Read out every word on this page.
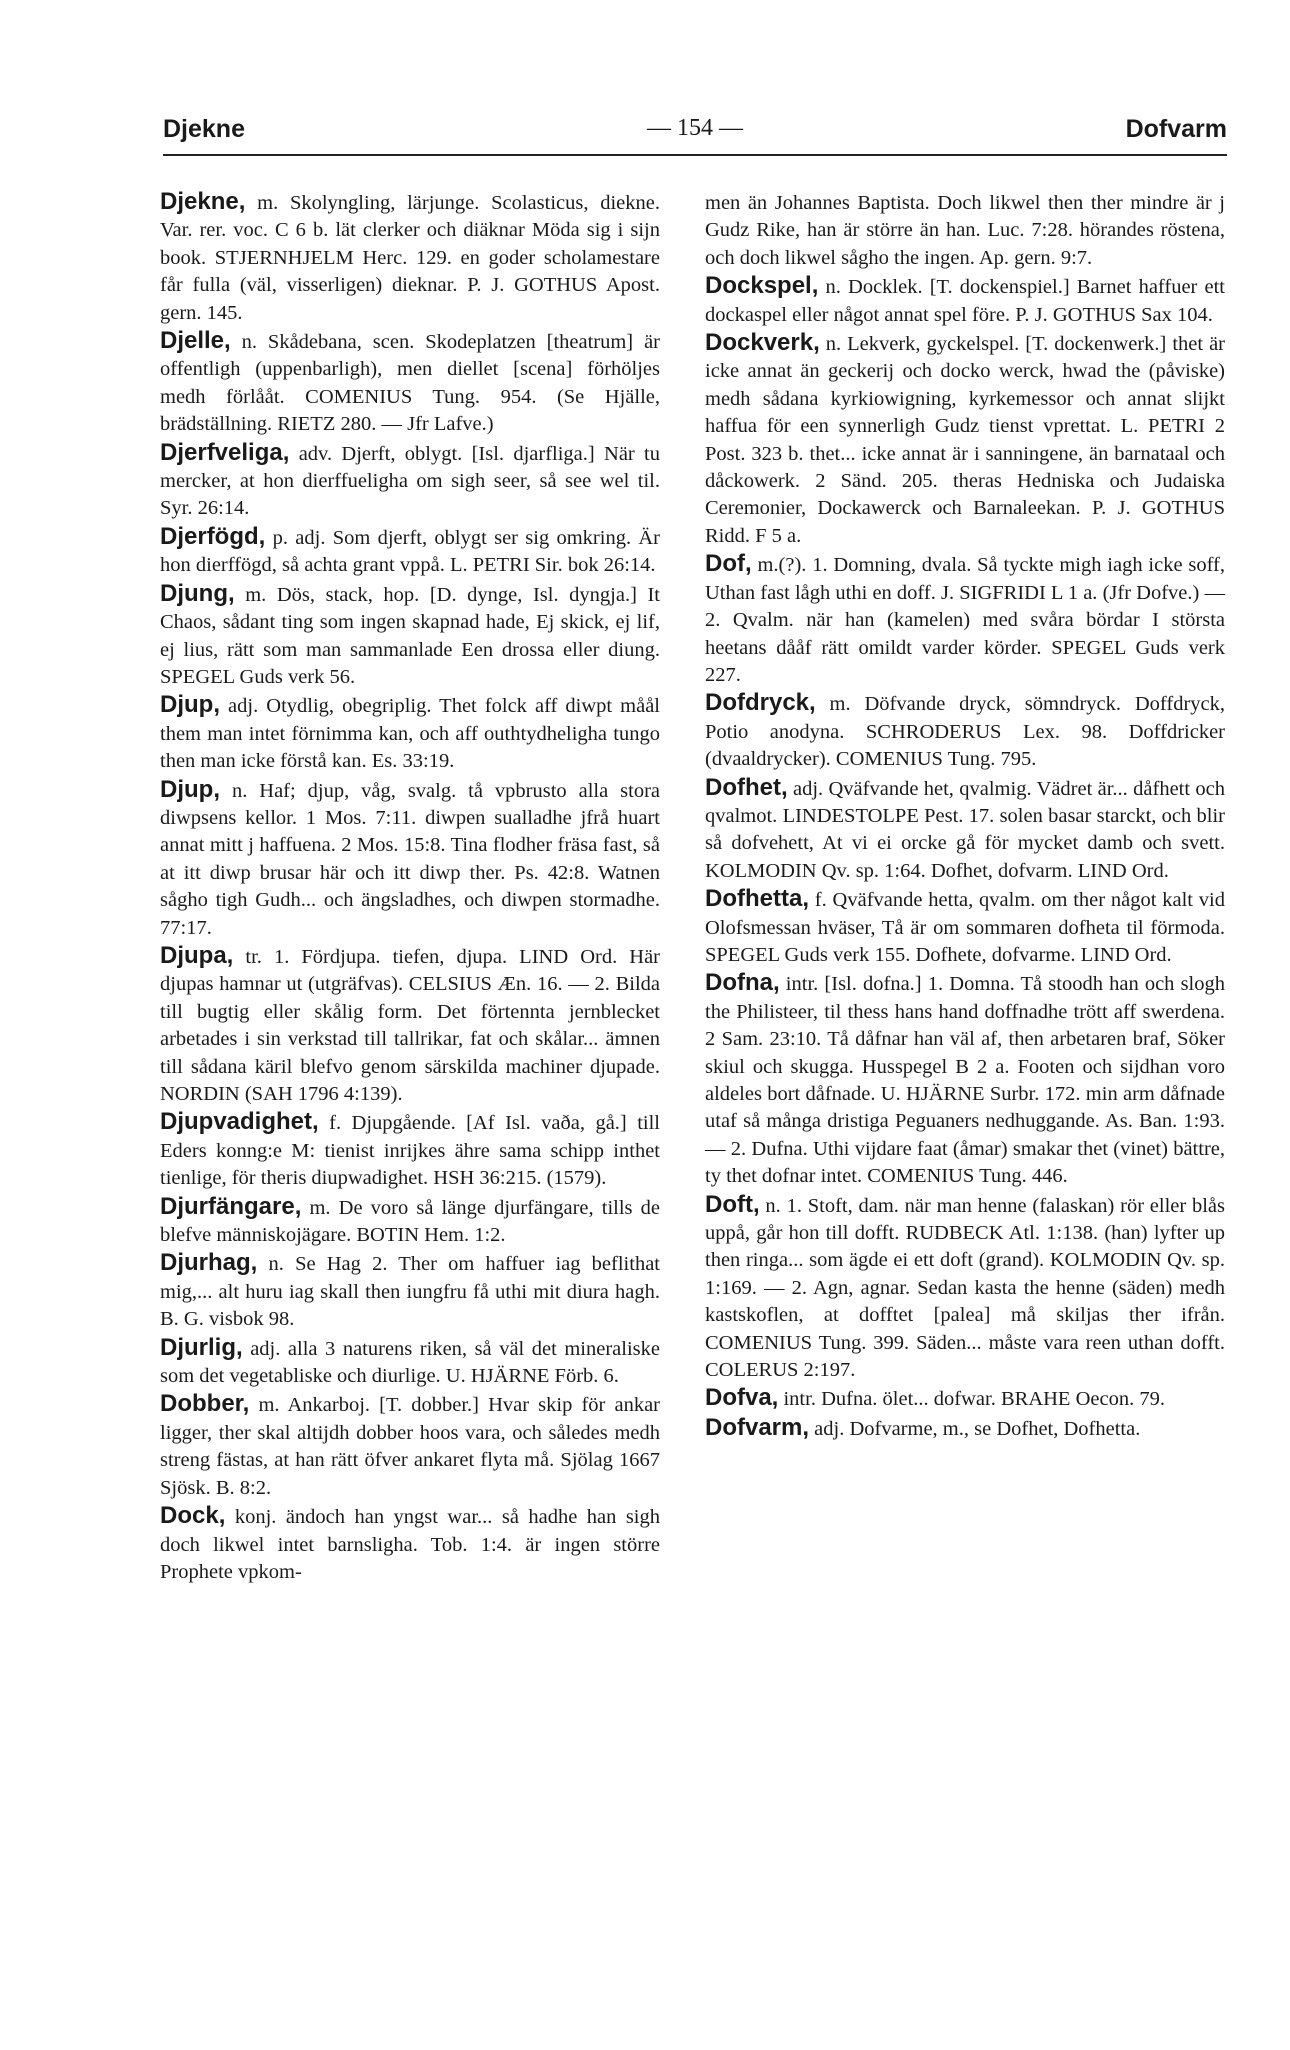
Djekne	— 154 —	Dofvarm

Djekne, m. Skolyngling, lärjunge. Scolasticus, diekne. Var. rer. voc. C 6 b. lät clerker och diäknar Möda sig i sijn book. STJERNHJELM Herc. 129. en goder scholamestare får fulla (väl, visserligen) dieknar. P. J. GOTHUS Apost. gern. 145.

Djelle, n. Skådebana, scen. Skodeplatzen [theatrum] är offentligh (uppenbarligh), men diellet [scena] förhöljes medh förlååt. COMENIUS Tung. 954. (Se Hjälle, brädställning. RIETZ 280. — Jfr Lafve.)

Djerfveliga, adv. Djerft, oblygt. [Isl. djarfliga.] När tu mercker, at hon dierffueligha om sigh seer, så see wel til. Syr. 26:14.

Djerfögd, p. adj. Som djerft, oblygt ser sig omkring. Är hon dierffögd, så achta grant vppå. L. PETRI Sir. bok 26:14.

Djung, m. Dös, stack, hop. [D. dynge, Isl. dyngja.] It Chaos, sådant ting som ingen skapnad hade, Ej skick, ej lif, ej lius, rätt som man sammanlade Een drossa eller diung. SPEGEL Guds verk 56.

Djup, adj. Otydlig, obegriplig. Thet folck aff diwpt måål them man intet förnimma kan, och aff outhtydheligha tungo then man icke förstå kan. Es. 33:19.

Djup, n. Haf; djup, våg, svalg. tå vpbrusto alla stora diwpsens kellor. 1 Mos. 7:11. diwpen sualladhe jfrå huart annat mitt j haffuena. 2 Mos. 15:8. Tina flodher fräsa fast, så at itt diwp brusar här och itt diwp ther. Ps. 42:8. Watnen sågho tigh Gudh... och ängsladhes, och diwpen stormadhe. 77:17.

Djupa, tr. 1. Fördjupa. tiefen, djupa. LIND Ord. Här djupas hamnar ut (utgräfvas). CELSIUS Æn. 16. — 2. Bilda till bugtig eller skålig form. Det förtennta jernblecket arbetades i sin verkstad till tallrikar, fat och skålar... ämnen till sådana käril blefvo genom särskilda machiner djupade. NORDIN (SAH 1796 4:139).

Djupvadighet, f. Djupgående. [Af Isl. vaða, gå.] till Eders konng:e M: tienist inrijkes ähre sama schipp inthet tienlige, för theris diupwadighet. HSH 36:215. (1579).

Djurfängare, m. De voro så länge djurfängare, tills de blefve människojägare. BOTIN Hem. 1:2.

Djurhag, n. Se Hag 2. Ther om haffuer iag beflithat mig,... alt huru iag skall then iungfru få uthi mit diura hagh. B. G. visbok 98.

Djurlig, adj. alla 3 naturens riken, så väl det mineraliske som det vegetabliske och diurlige. U. HJÄRNE Förb. 6.

Dobber, m. Ankarboj. [T. dobber.] Hvar skip för ankar ligger, ther skal altijdh dobber hoos vara, och således medh streng fästas, at han rätt öfver ankaret flyta må. Sjölag 1667 Sjösk. B. 8:2.

Dock, konj. ändoch han yngst war... så hadhe han sigh doch likwel intet barnsligha. Tob. 1:4. är ingen större Prophete vpkom-

men än Johannes Baptista. Doch likwel then ther mindre är j Gudz Rike, han är större än han. Luc. 7:28. hörandes röstena, och doch likwel sågho the ingen. Ap. gern. 9:7.

Dockspel, n. Docklek. [T. dockenspiel.] Barnet haffuer ett dockaspel eller något annat spel före. P. J. GOTHUS Sax 104.

Dockverk, n. Lekverk, gyckelspel. [T. dockenwerk.] thet är icke annat än geckerij och docko werck, hwad the (påviske) medh sådana kyrkiowigning, kyrkemessor och annat slijkt haffua för een synnerligh Gudz tienst vprettat. L. PETRI 2 Post. 323 b. thet... icke annat är i sanningene, än barnataal och dåckowerk. 2 Sänd. 205. theras Hedniska och Judaiska Ceremonier, Dockawerck och Barnaleekan. P. J. GOTHUS Ridd. F 5 a.

Dof, m.(?). 1. Domning, dvala. Så tyckte migh iagh icke soff, Uthan fast lågh uthi en doff. J. SIGFRIDI L 1 a. (Jfr Dofve.) — 2. Qvalm. när han (kamelen) med svåra bördar I största heetans dååf rätt omildt varder körder. SPEGEL Guds verk 227.

Dofdryck, m. Döfvande dryck, sömndryck. Doffdryck, Potio anodyna. SCHRODERUS Lex. 98. Doffdricker (dvaaldrycker). COMENIUS Tung. 795.

Dofhet, adj. Qväfvande het, qvalmig. Vädret är... dåfhett och qvalmot. LINDESTOLPE Pest. 17. solen basar starckt, och blir så dofvehett, At vi ei orcke gå för mycket damb och svett. KOLMODIN Qv. sp. 1:64. Dofhet, dofvarm. LIND Ord.

Dofhetta, f. Qväfvande hetta, qvalm. om ther något kalt vid Olofsmessan hväser, Tå är om sommaren dofheta til förmoda. SPEGEL Guds verk 155. Dofhete, dofvarme. LIND Ord.

Dofna, intr. [Isl. dofna.] 1. Domna. Tå stoodh han och slogh the Philisteer, til thess hans hand doffnadhe trött aff swerdena. 2 Sam. 23:10. Tå dåfnar han väl af, then arbetaren braf, Söker skiul och skugga. Husspegel B 2 a. Footen och sijdhan voro aldeles bort dåfnade. U. HJÄRNE Surbr. 172. min arm dåfnade utaf så många dristiga Peguaners nedhuggande. As. Ban. 1:93. — 2. Dufna. Uthi vijdare faat (åmar) smakar thet (vinet) bättre, ty thet dofnar intet. COMENIUS Tung. 446.

Doft, n. 1. Stoft, dam. när man henne (falaskan) rör eller blås uppå, går hon till dofft. RUDBECK Atl. 1:138. (han) lyfter up then ringa... som ägde ei ett doft (grand). KOLMODIN Qv. sp. 1:169. — 2. Agn, agnar. Sedan kasta the henne (säden) medh kastskoflen, at dofftet [palea] må skiljas ther ifrån. COMENIUS Tung. 399. Säden... måste vara reen uthan dofft. COLERUS 2:197.

Dofva, intr. Dufna. ölet... dofwar. BRAHE Oecon. 79.

Dofvarm, adj. Dofvarme, m., se Dofhet, Dofhetta.
